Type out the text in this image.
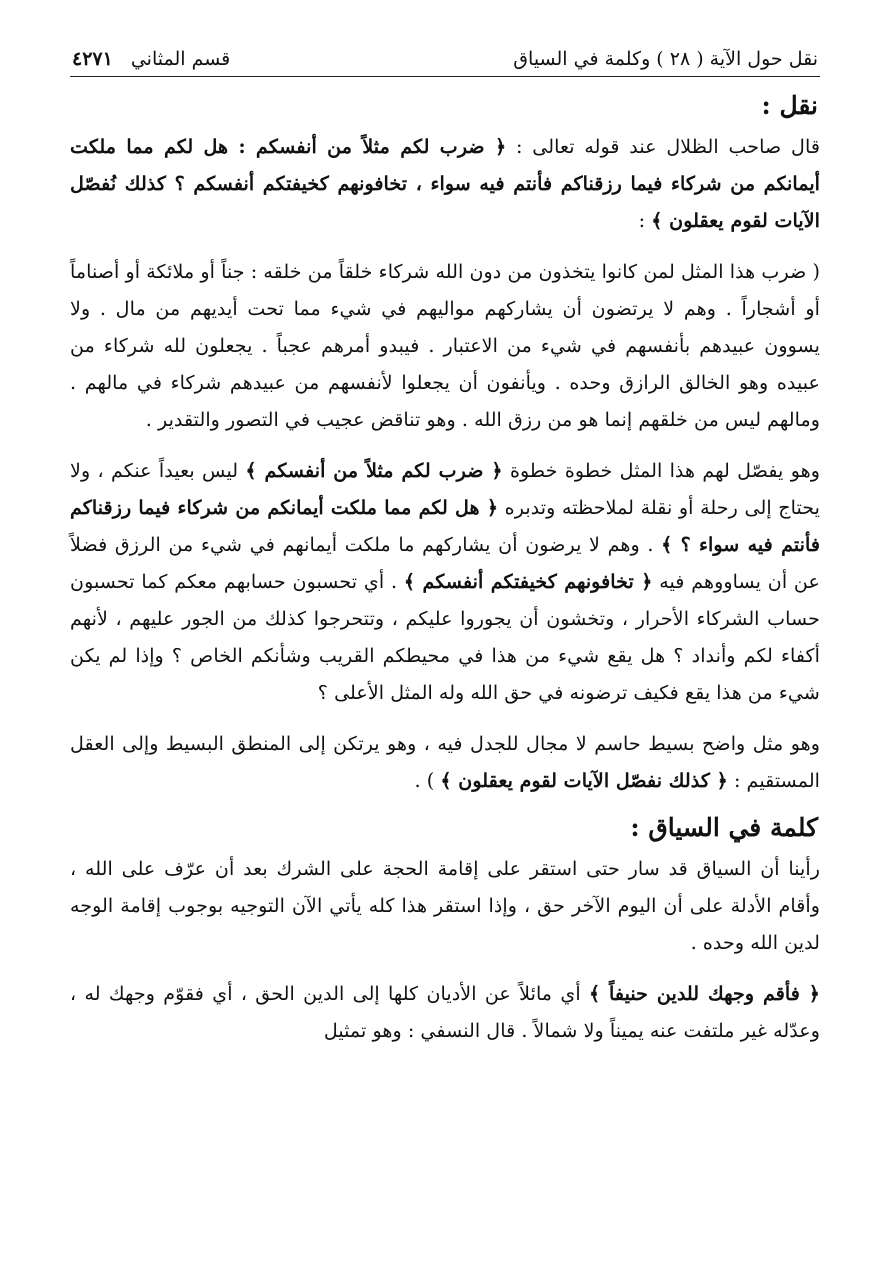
نقل حول الآية ( ٢٨ ) وكلمة في السياق
قسم المثاني
٤٢٧١
نقل :

قال صاحب الظلال عند قوله تعالى : ﴿ ضرب لكم مثلاً من أنفسكم : هل لكم مما ملكت أيمانكم من شركاء فيما رزقناكم فأنتم فيه سواء ، تخافونهم كخيفتكم أنفسكم ؟ كذلك نُفصّل الآيات لقوم يعقلون ﴾ :

( ضرب هذا المثل لمن كانوا يتخذون من دون الله شركاء خلقاً من خلقه : جناً أو ملائكة أو أصناماً أو أشجاراً . وهم لا يرتضون أن يشاركهم مواليهم في شيء مما تحت أيديهم من مال . ولا يسوون عبيدهم بأنفسهم في شيء من الاعتبار . فيبدو أمرهم عجباً . يجعلون لله شركاء من عبيده وهو الخالق الرازق وحده . ويأنفون أن يجعلوا لأنفسهم من عبيدهم شركاء في مالهم . ومالهم ليس من خلقهم إنما هو من رزق الله . وهو تناقض عجيب في التصور والتقدير .

وهو يفصّل لهم هذا المثل خطوة خطوة ﴿ ضرب لكم مثلاً من أنفسكم ﴾ ليس بعيداً عنكم ، ولا يحتاج إلى رحلة أو نقلة لملاحظته وتدبره ﴿ هل لكم مما ملكت أيمانكم من شركاء فيما رزقناكم فأنتم فيه سواء ؟ ﴾ . وهم لا يرضون أن يشاركهم ما ملكت أيمانهم في شيء من الرزق فضلاً عن أن يساووهم فيه ﴿ تخافونهم كخيفتكم أنفسكم ﴾ . أي تحسبون حسابهم معكم كما تحسبون حساب الشركاء الأحرار ، وتخشون أن يجوروا عليكم ، وتتحرجوا كذلك من الجور عليهم ، لأنهم أكفاء لكم وأنداد ؟ هل يقع شيء من هذا في محيطكم القريب وشأنكم الخاص ؟ وإذا لم يكن شيء من هذا يقع فكيف ترضونه في حق الله وله المثل الأعلى ؟

وهو مثل واضح بسيط حاسم لا مجال للجدل فيه ، وهو يرتكن إلى المنطق البسيط وإلى العقل المستقيم : ﴿ كذلك نفصّل الآيات لقوم يعقلون ﴾ ) .

كلمة في السياق :

رأينا أن السياق قد سار حتى استقر على إقامة الحجة على الشرك بعد أن عرّف على الله ، وأقام الأدلة على أن اليوم الآخر حق ، وإذا استقر هذا كله يأتي الآن التوجيه بوجوب إقامة الوجه لدين الله وحده .

﴿ فأقم وجهك للدين حنيفاً ﴾ أي مائلاً عن الأديان كلها إلى الدين الحق ، أي فقوّم وجهك له ، وعدّله غير ملتفت عنه يميناً ولا شمالاً . قال النسفي : وهو تمثيل
